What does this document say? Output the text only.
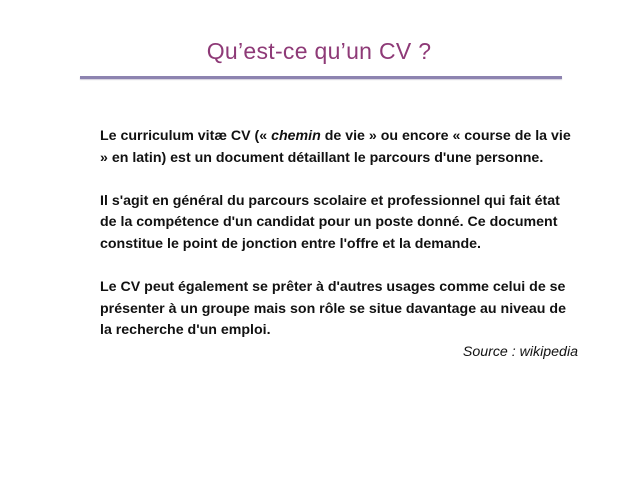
Qu’est-ce qu’un CV ?

Le curriculum vitæ CV (« chemin de vie » ou encore « course de la vie » en latin) est un document détaillant le parcours d'une personne.

Il s'agit en général du parcours scolaire et professionnel qui fait état de la compétence d'un candidat pour un poste donné. Ce document constitue le point de jonction entre l'offre et la demande.

Le CV peut également se prêter à d'autres usages comme celui de se présenter à un groupe mais son rôle se situe davantage au niveau de la recherche d'un emploi.

Source : wikipedia
